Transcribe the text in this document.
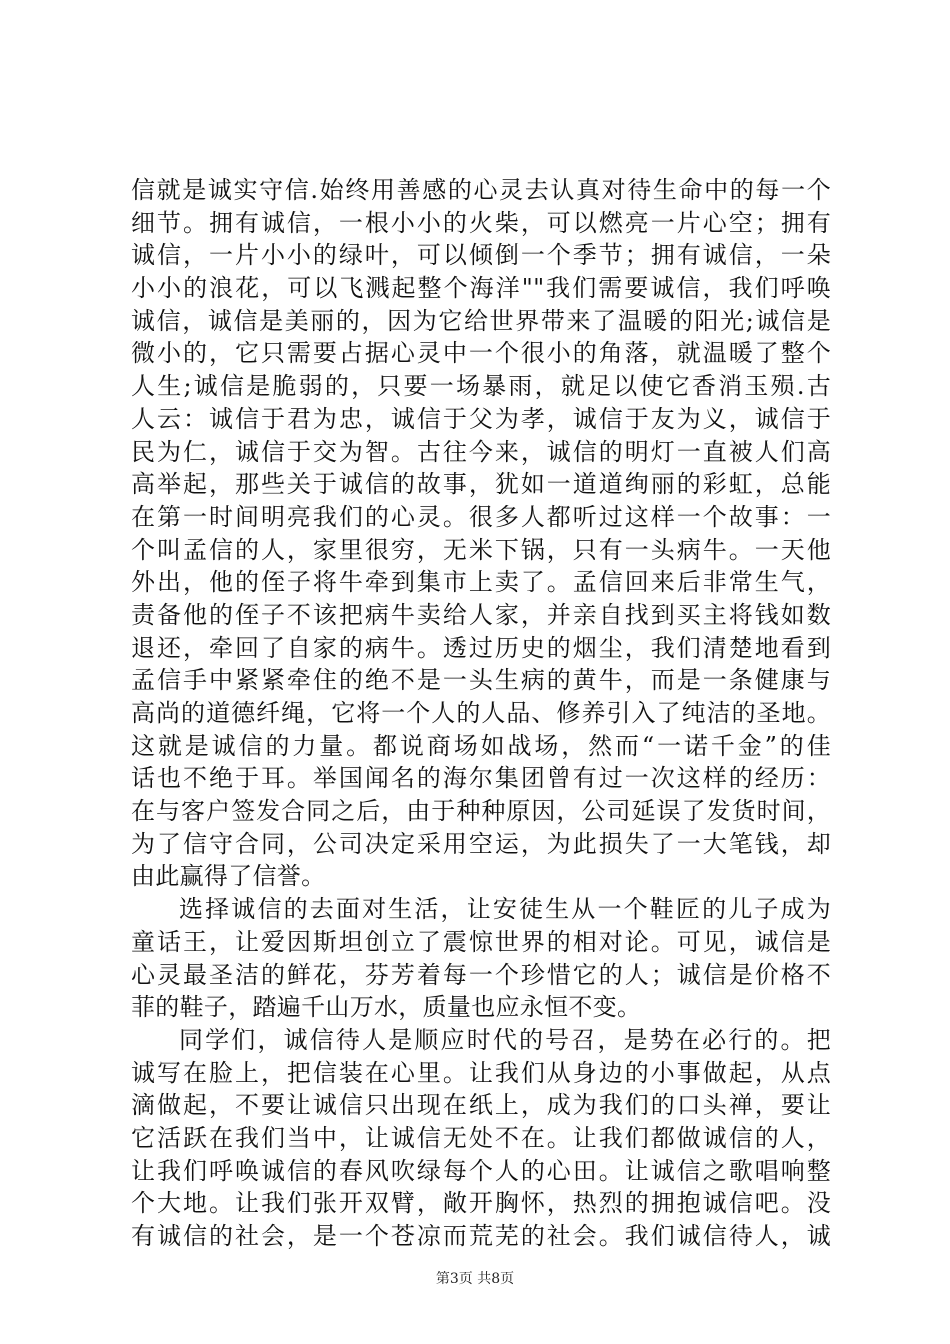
信就是诚实守信.始终用善感的心灵去认真对待生命中的每一个
细节。拥有诚信，一根小小的火柴，可以燃亮一片心空；拥有
诚信，一片小小的绿叶，可以倾倒一个季节；拥有诚信，一朵
小小的浪花，可以飞溅起整个海洋""我们需要诚信，我们呼唤
诚信，诚信是美丽的，因为它给世界带来了温暖的阳光;诚信是
微小的，它只需要占据心灵中一个很小的角落，就温暖了整个
人生;诚信是脆弱的，只要一场暴雨，就足以使它香消玉殒.古
人云：诚信于君为忠，诚信于父为孝，诚信于友为义，诚信于
民为仁，诚信于交为智。古往今来，诚信的明灯一直被人们高
高举起，那些关于诚信的故事，犹如一道道绚丽的彩虹，总能
在第一时间明亮我们的心灵。很多人都听过这样一个故事：一
个叫孟信的人，家里很穷，无米下锅，只有一头病牛。一天他
外出，他的侄子将牛牵到集市上卖了。孟信回来后非常生气，
责备他的侄子不该把病牛卖给人家，并亲自找到买主将钱如数
退还，牵回了自家的病牛。透过历史的烟尘，我们清楚地看到
孟信手中紧紧牵住的绝不是一头生病的黄牛，而是一条健康与
高尚的道德纤绳，它将一个人的人品、修养引入了纯洁的圣地。
这就是诚信的力量。都说商场如战场，然而“一诺千金”的佳
话也不绝于耳。举国闻名的海尔集团曾有过一次这样的经历：
在与客户签发合同之后，由于种种原因，公司延误了发货时间，
为了信守合同，公司决定采用空运，为此损失了一大笔钱，却
由此赢得了信誉。
选择诚信的去面对生活，让安徒生从一个鞋匠的儿子成为
童话王，让爱因斯坦创立了震惊世界的相对论。可见，诚信是
心灵最圣洁的鲜花，芬芳着每一个珍惜它的人；诚信是价格不
菲的鞋子，踏遍千山万水，质量也应永恒不变。
同学们，诚信待人是顺应时代的号召，是势在必行的。把
诚写在脸上，把信装在心里。让我们从身边的小事做起，从点
滴做起，不要让诚信只出现在纸上，成为我们的口头禅，要让
它活跃在我们当中，让诚信无处不在。让我们都做诚信的人，
让我们呼唤诚信的春风吹绿每个人的心田。让诚信之歌唱响整
个大地。让我们张开双臂，敞开胸怀，热烈的拥抱诚信吧。没
有诚信的社会，是一个苍凉而荒芜的社会。我们诚信待人，诚
第3页 共8页
